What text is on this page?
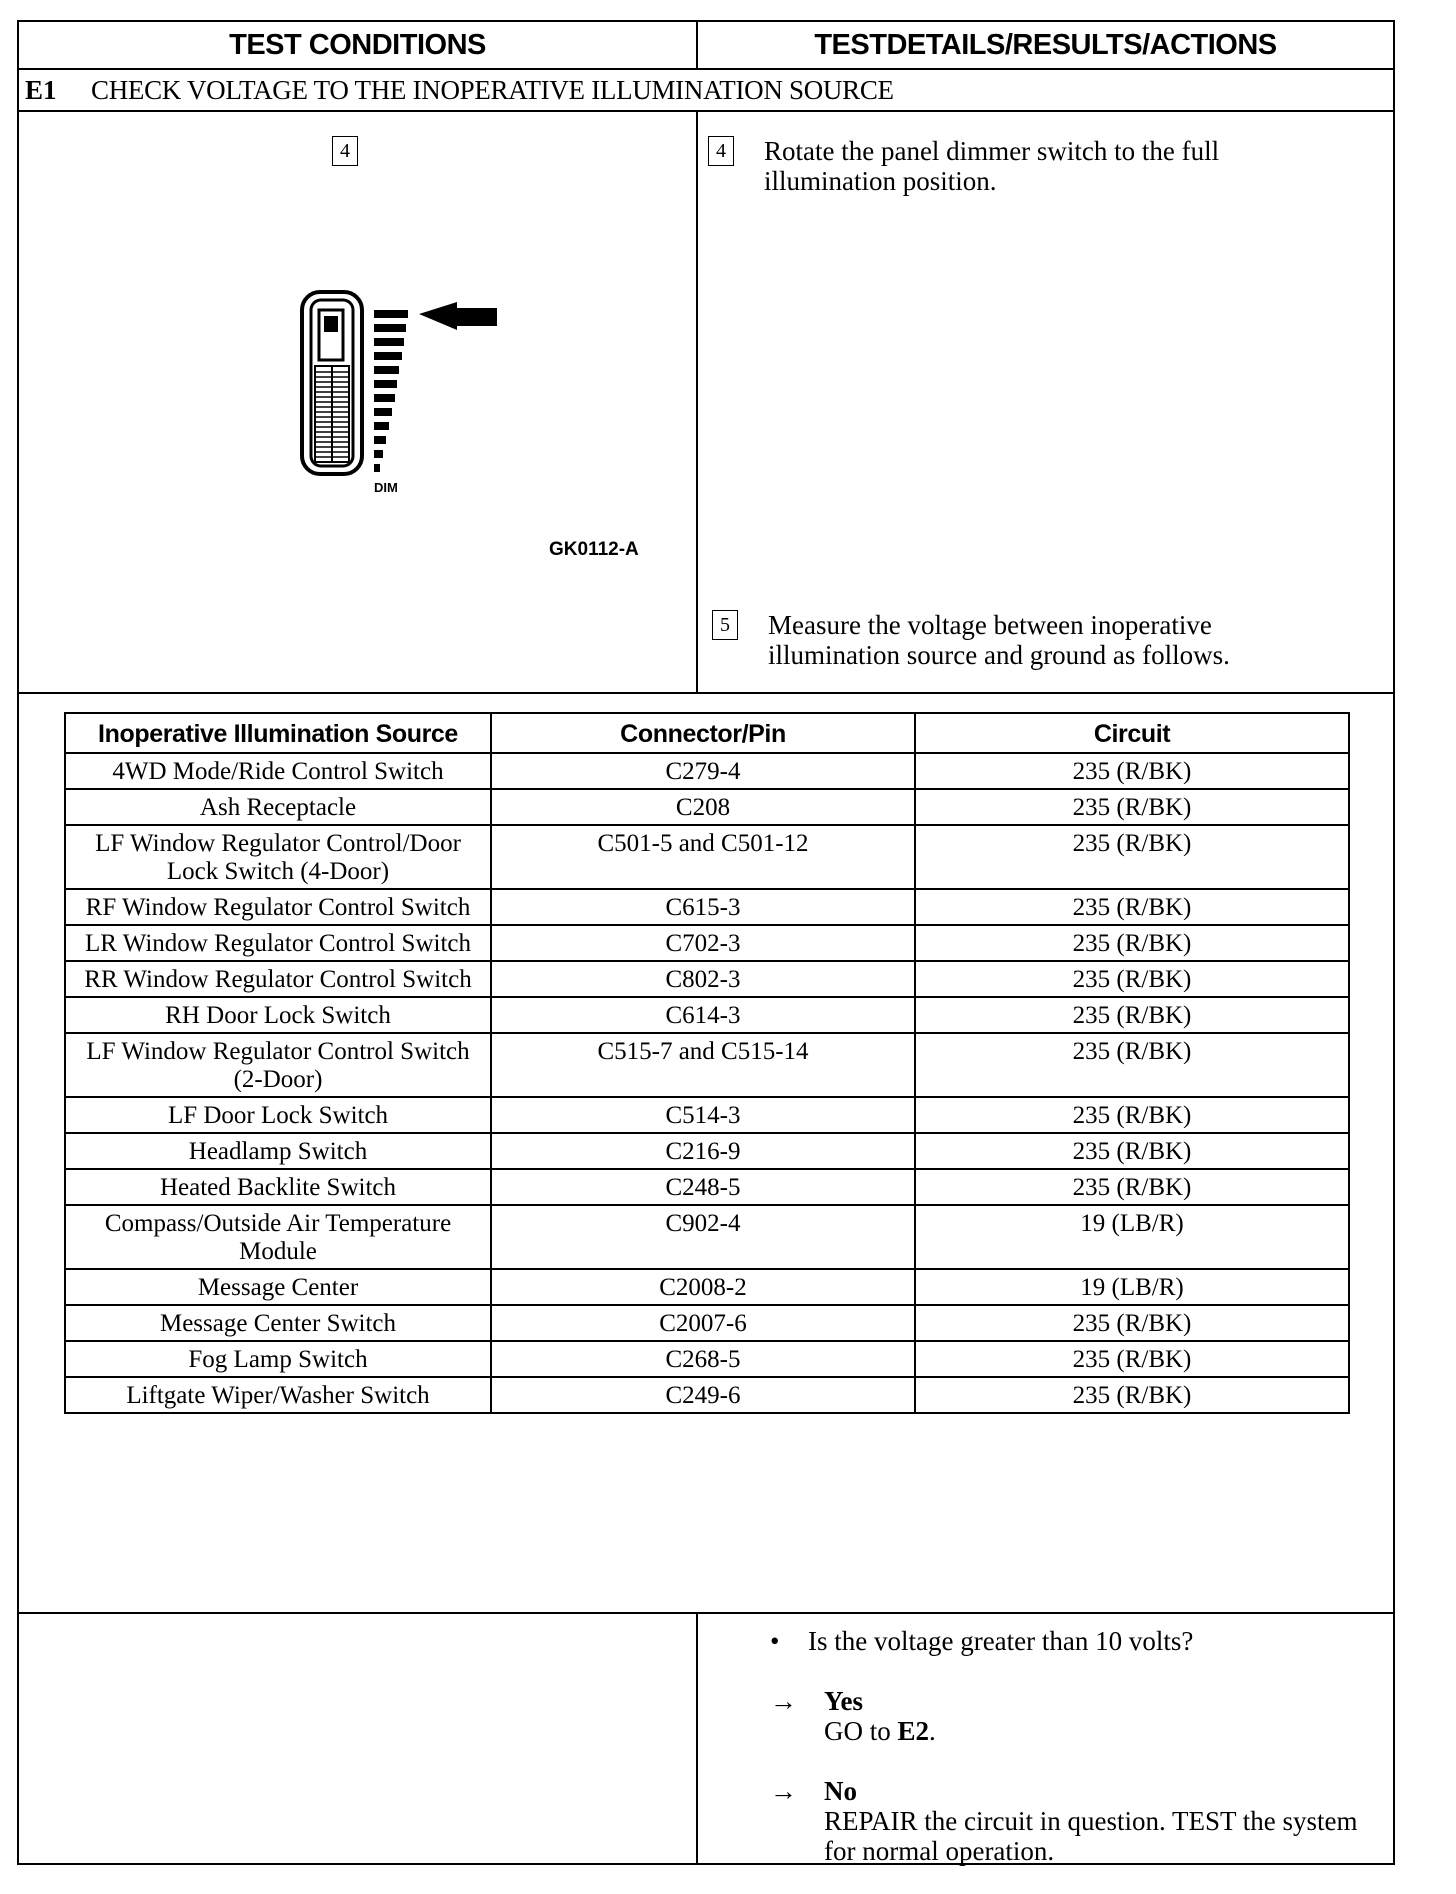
TEST CONDITIONS	TESTDETAILS/RESULTS/ACTIONS
E1 CHECK VOLTAGE TO THE INOPERATIVE ILLUMINATION SOURCE
4
DIM
GK0112-A
4 Rotate the panel dimmer switch to the full illumination position.
5 Measure the voltage between inoperative illumination source and ground as follows.
Inoperative Illumination Source	Connector/Pin	Circuit
4WD Mode/Ride Control Switch	C279-4	235 (R/BK)
Ash Receptacle	C208	235 (R/BK)
LF Window Regulator Control/Door Lock Switch (4-Door)	C501-5 and C501-12	235 (R/BK)
RF Window Regulator Control Switch	C615-3	235 (R/BK)
LR Window Regulator Control Switch	C702-3	235 (R/BK)
RR Window Regulator Control Switch	C802-3	235 (R/BK)
RH Door Lock Switch	C614-3	235 (R/BK)
LF Window Regulator Control Switch (2-Door)	C515-7 and C515-14	235 (R/BK)
LF Door Lock Switch	C514-3	235 (R/BK)
Headlamp Switch	C216-9	235 (R/BK)
Heated Backlite Switch	C248-5	235 (R/BK)
Compass/Outside Air Temperature Module	C902-4	19 (LB/R)
Message Center	C2008-2	19 (LB/R)
Message Center Switch	C2007-6	235 (R/BK)
Fog Lamp Switch	C268-5	235 (R/BK)
Liftgate Wiper/Washer Switch	C249-6	235 (R/BK)
• Is the voltage greater than 10 volts?
→ Yes
GO to E2.
→ No
REPAIR the circuit in question. TEST the system for normal operation.
